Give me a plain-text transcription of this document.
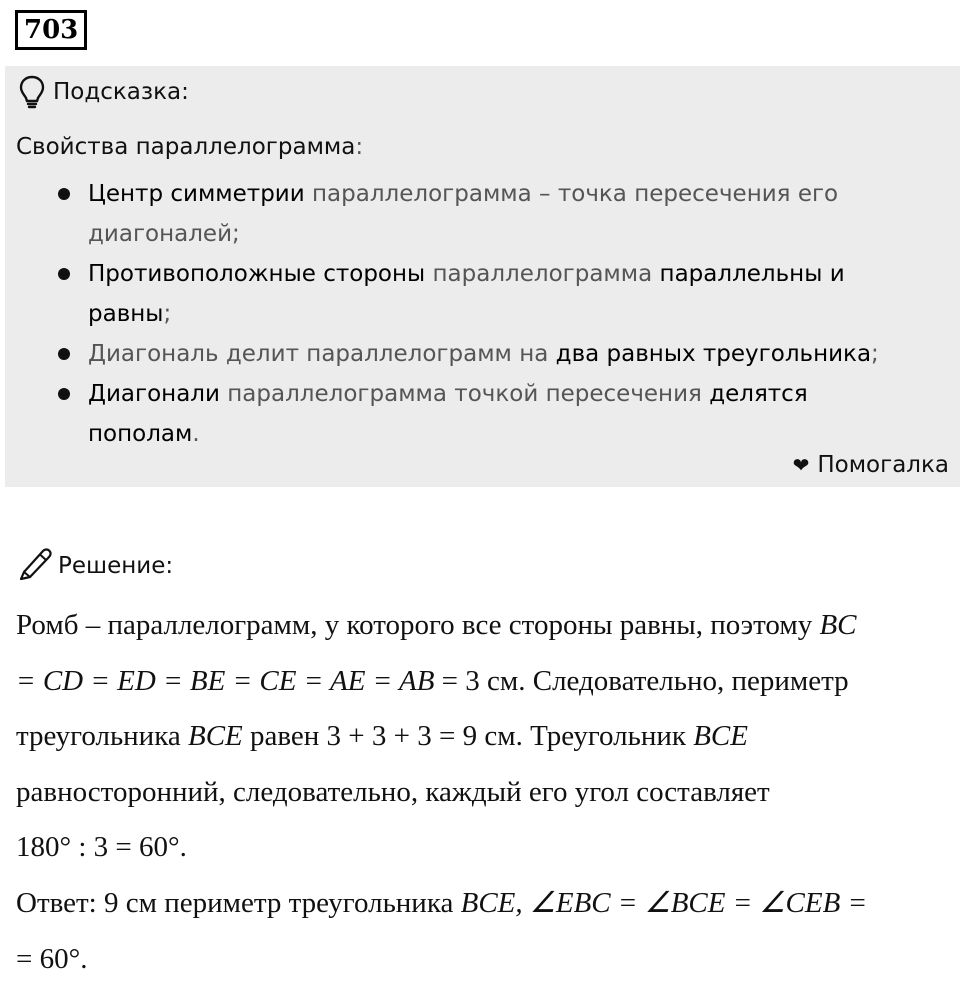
703
Подсказка:
Свойства параллелограмма:
Центр симметрии параллелограмма – точка пересечения его
диагоналей;
Противоположные стороны параллелограмма параллельны и
равны;
Диагональ делит параллелограмм на два равных треугольника;
Диагонали параллелограмма точкой пересечения делятся
пополам.
❤ Помогалка
Решение:
Ромб – параллелограмм, у которого все стороны равны, поэтому BC
= CD = ED = BE = CE = AE = AB = 3 см. Следовательно, периметр
треугольника BCE равен 3 + 3 + 3 = 9 см. Треугольник BCE
равносторонний, следовательно, каждый его угол составляет
180° : 3 = 60°.
Ответ: 9 см периметр треугольника BCE, ∠EBC = ∠BCE = ∠CEB =
= 60°.
